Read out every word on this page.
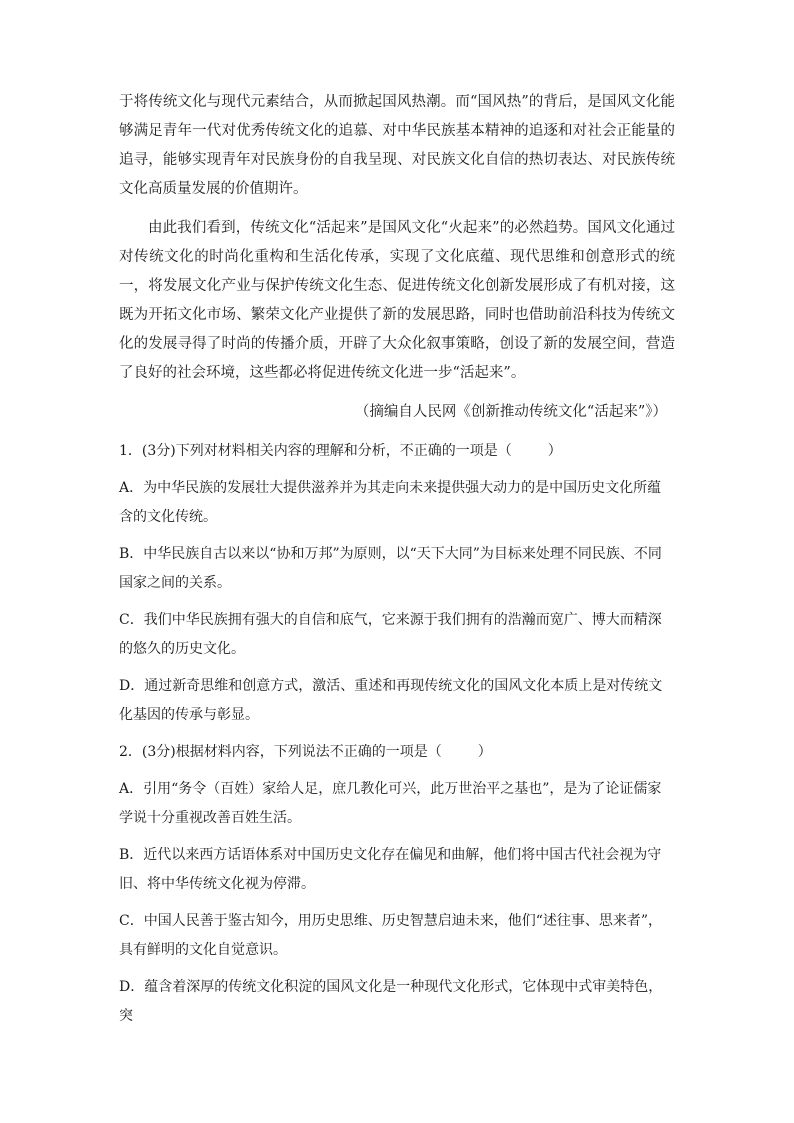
于将传统文化与现代元素结合，从而掀起国风热潮。而“国风热”的背后，是国风文化能够满足青年一代对优秀传统文化的追慕、对中华民族基本精神的追逐和对社会正能量的追寻，能够实现青年对民族身份的自我呈现、对民族文化自信的热切表达、对民族传统文化高质量发展的价值期许。

由此我们看到，传统文化“活起来”是国风文化“火起来”的必然趋势。国风文化通过对传统文化的时尚化重构和生活化传承，实现了文化底蕴、现代思维和创意形式的统一，将发展文化产业与保护传统文化生态、促进传统文化创新发展形成了有机对接，这既为开拓文化市场、繁荣文化产业提供了新的发展思路，同时也借助前沿科技为传统文化的发展寻得了时尚的传播介质，开辟了大众化叙事策略，创设了新的发展空间，营造了良好的社会环境，这些都必将促进传统文化进一步“活起来”。

（摘编自人民网《创新推动传统文化“活起来”》）

1．(3分)下列对材料相关内容的理解和分析，不正确的一项是（	）

A．为中华民族的发展壮大提供滋养并为其走向未来提供强大动力的是中国历史文化所蕴含的文化传统。

B．中华民族自古以来以“协和万邦”为原则，以“天下大同”为目标来处理不同民族、不同国家之间的关系。

C．我们中华民族拥有强大的自信和底气，它来源于我们拥有的浩瀚而宽广、博大而精深的悠久的历史文化。

D．通过新奇思维和创意方式，激活、重述和再现传统文化的国风文化本质上是对传统文化基因的传承与彰显。

2．(3分)根据材料内容，下列说法不正确的一项是（	）

A．引用“务令（百姓）家给人足，庶几教化可兴，此万世治平之基也”，是为了论证儒家学说十分重视改善百姓生活。

B．近代以来西方话语体系对中国历史文化存在偏见和曲解，他们将中国古代社会视为守旧、将中华传统文化视为停滞。

C．中国人民善于鉴古知今，用历史思维、历史智慧启迪未来，他们“述往事、思来者”，具有鲜明的文化自觉意识。

D．蕴含着深厚的传统文化积淀的国风文化是一种现代文化形式，它体现中式审美特色，突
